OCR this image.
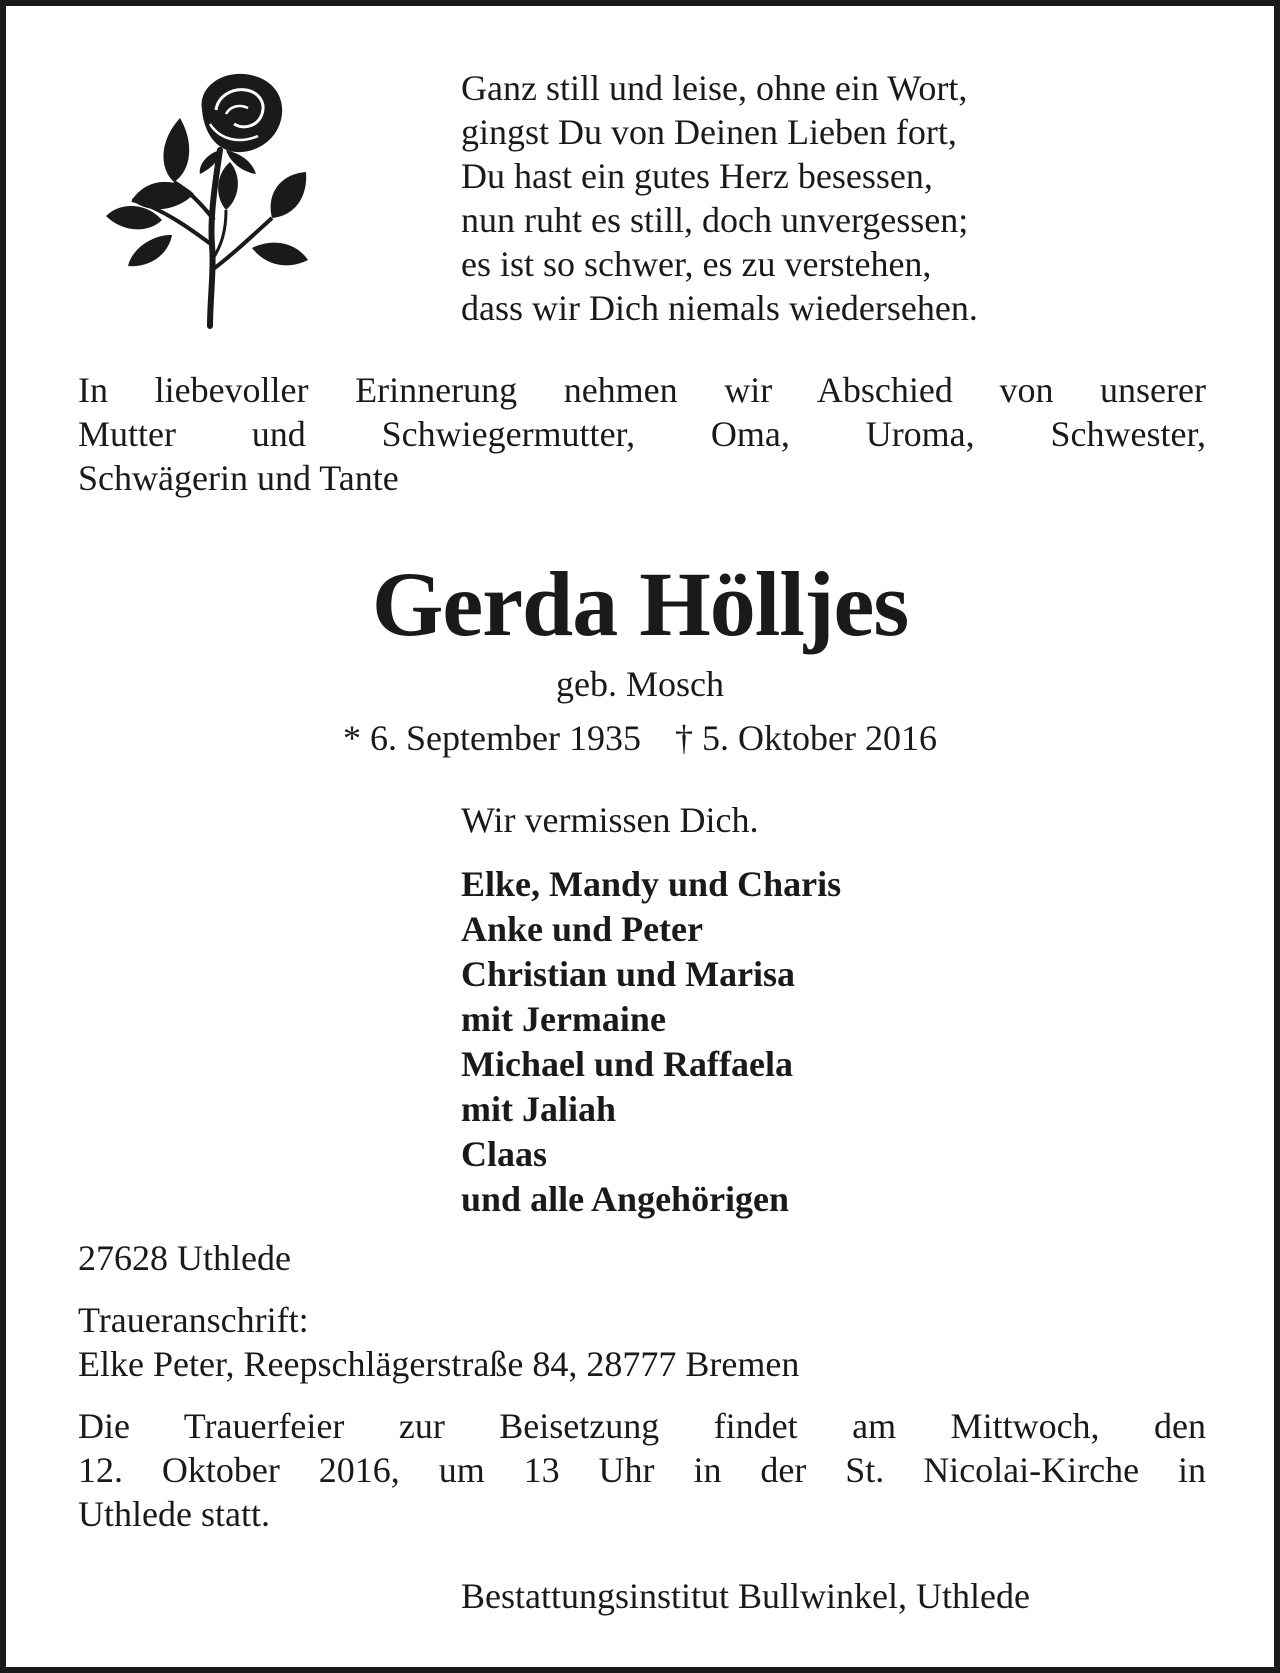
Ganz still und leise, ohne ein Wort,
gingst Du von Deinen Lieben fort,
Du hast ein gutes Herz besessen,
nun ruht es still, doch unvergessen;
es ist so schwer, es zu verstehen,
dass wir Dich niemals wiedersehen.
In liebevoller Erinnerung nehmen wir Abschied von unserer
Mutter und Schwiegermutter, Oma, Uroma, Schwester,
Schwägerin und Tante
Gerda Hölljes
geb. Mosch
* 6. September 1935 † 5. Oktober 2016
Wir vermissen Dich.
Elke, Mandy und Charis
Anke und Peter
Christian und Marisa
mit Jermaine
Michael und Raffaela
mit Jaliah
Claas
und alle Angehörigen
27628 Uthlede
Traueranschrift:
Elke Peter, Reepschlägerstraße 84, 28777 Bremen
Die Trauerfeier zur Beisetzung findet am Mittwoch, den
12. Oktober 2016, um 13 Uhr in der St. Nicolai-Kirche in
Uthlede statt.
Bestattungsinstitut Bullwinkel, Uthlede
